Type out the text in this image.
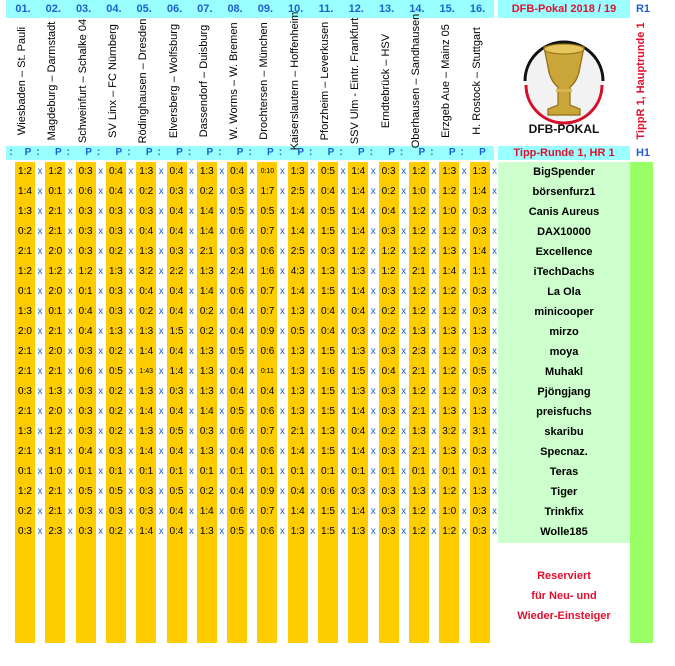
DFB-Pokal 2018 / 19
DFB-POKAL
Tipp-Runde 1, HR 1
BigSpender
börsenfurz1
Canis Aureus
DAX10000
Excellence
iTechDachs
La Ola
minicooper
mirzo
moya
Muhakl
Pjöngjang
preisfuchs
skaribu
Specnaz.
Teras
Tiger
Trinkfix
Wolle185
Reserviert
für Neu- und
Wieder-Einsteiger
R1
TippR 1, Hauptrunde 1
H1
:
01.
Wiesbaden – St. Pauli
P :
02.
Magdeburg – Darmstadt
P :
03.
Schweinfurt – Schalke 04
P :
04.
SV Linx – FC Nürnberg
P :
05.
Rödinghausen – Dresden
P :
06.
Elversberg – Wolfsburg
P :
07.
Dassendorf – Duisburg
P :
08.
W. Worms – W. Bremen
P :
09.
Drochtersen – München
P :
10.
Kaiserslautern – Hoffenheim
P :
11.
Pforzheim – Leverkusen
P :
12.
SSV Ulm - Eintr. Frankfurt
P :
13.
Erndtebrück – HSV
P :
14.
Oberhausen – Sandhausen
P :
15.
Erzgeb Aue – Mainz 05
P :
16.
H. Rostock – Stuttgart
P
1:2 x 1:2 x 0:3 x 0:4 x 1:3 x 0:4 x 1:3 x 0:4 x 0:10 x 1:3 x 0:5 x 1:4 x 0:3 x 1:2 x 1:3 x 1:3 x
1:4 x 0:1 x 0:6 x 0:4 x 0:2 x 0:3 x 0:2 x 0:3 x 1:7 x 2:5 x 0:4 x 1:4 x 0:2 x 1:0 x 1:2 x 1:4 x
1:3 x 2:1 x 0:3 x 0:3 x 0:3 x 0:4 x 1:4 x 0:5 x 0:5 x 1:4 x 0:5 x 1:4 x 0:4 x 1:2 x 1:0 x 0:3 x
0:2 x 2:1 x 0:3 x 0:3 x 0:4 x 0:4 x 1:4 x 0:6 x 0:7 x 1:4 x 1:5 x 1:4 x 0:3 x 1:2 x 1:2 x 0:3 x
2:1 x 2:0 x 0:3 x 0:2 x 1:3 x 0:3 x 2:1 x 0:3 x 0:6 x 2:5 x 0:3 x 1:2 x 1:2 x 1:2 x 1:3 x 1:4 x
1:2 x 1:2 x 1:2 x 1:3 x 3:2 x 2:2 x 1:3 x 2:4 x 1:6 x 4:3 x 1:3 x 1:3 x 1:2 x 2:1 x 1:4 x 1:1 x
0:1 x 2:0 x 0:1 x 0:3 x 0:4 x 0:4 x 1:4 x 0:6 x 0:7 x 1:4 x 1:5 x 1:4 x 0:3 x 1:2 x 1:2 x 0:3 x
1:3 x 0:1 x 0:4 x 0:3 x 0:2 x 0:4 x 0:2 x 0:4 x 0:7 x 1:3 x 0:4 x 0:4 x 0:2 x 1:2 x 1:2 x 0:3 x
2:0 x 2:1 x 0:4 x 1:3 x 1:3 x 1:5 x 0:2 x 0:4 x 0:9 x 0:5 x 0:4 x 0:3 x 0:2 x 1:3 x 1:3 x 1:3 x
2:1 x 2:0 x 0:3 x 0:2 x 1:4 x 0:4 x 1:3 x 0:5 x 0:6 x 1:3 x 1:5 x 1:3 x 0:3 x 2:3 x 1:2 x 0:3 x
2:1 x 2:1 x 0:6 x 0:5 x 1:43 x 1:4 x 1:3 x 0:4 x 0:11 x 1:3 x 1:6 x 1:5 x 0:4 x 2:1 x 1:2 x 0:5 x
0:3 x 1:3 x 0:3 x 0:2 x 1:3 x 0:3 x 1:3 x 0:4 x 0:4 x 1:3 x 1:5 x 1:3 x 0:3 x 1:2 x 1:2 x 0:3 x
2:1 x 2:0 x 0:3 x 0:2 x 1:4 x 0:4 x 1:4 x 0:5 x 0:6 x 1:3 x 1:5 x 1:4 x 0:3 x 2:1 x 1:3 x 1:3 x
1:3 x 1:2 x 0:3 x 0:2 x 1:3 x 0:5 x 0:3 x 0:6 x 0:7 x 2:1 x 1:3 x 0:4 x 0:2 x 1:3 x 3:2 x 3:1 x
2:1 x 3:1 x 0:4 x 0:3 x 1:4 x 0:4 x 1:3 x 0:4 x 0:6 x 1:4 x 1:5 x 1:4 x 0:3 x 2:1 x 1:3 x 0:3 x
0:1 x 1:0 x 0:1 x 0:1 x 0:1 x 0:1 x 0:1 x 0:1 x 0:1 x 0:1 x 0:1 x 0:1 x 0:1 x 0:1 x 0:1 x 0:1 x
1:2 x 2:1 x 0:5 x 0:5 x 0:3 x 0:5 x 0:2 x 0:4 x 0:9 x 0:4 x 0:6 x 0:3 x 0:3 x 1:3 x 1:2 x 1:3 x
0:2 x 2:1 x 0:3 x 0:3 x 0:3 x 0:4 x 1:4 x 0:6 x 0:7 x 1:4 x 1:5 x 1:4 x 0:3 x 1:2 x 1:0 x 0:3 x
0:3 x 2:3 x 0:3 x 0:2 x 1:4 x 0:4 x 1:3 x 0:5 x 0:6 x 1:3 x 1:5 x 1:3 x 0:3 x 1:2 x 1:2 x 0:3 x
